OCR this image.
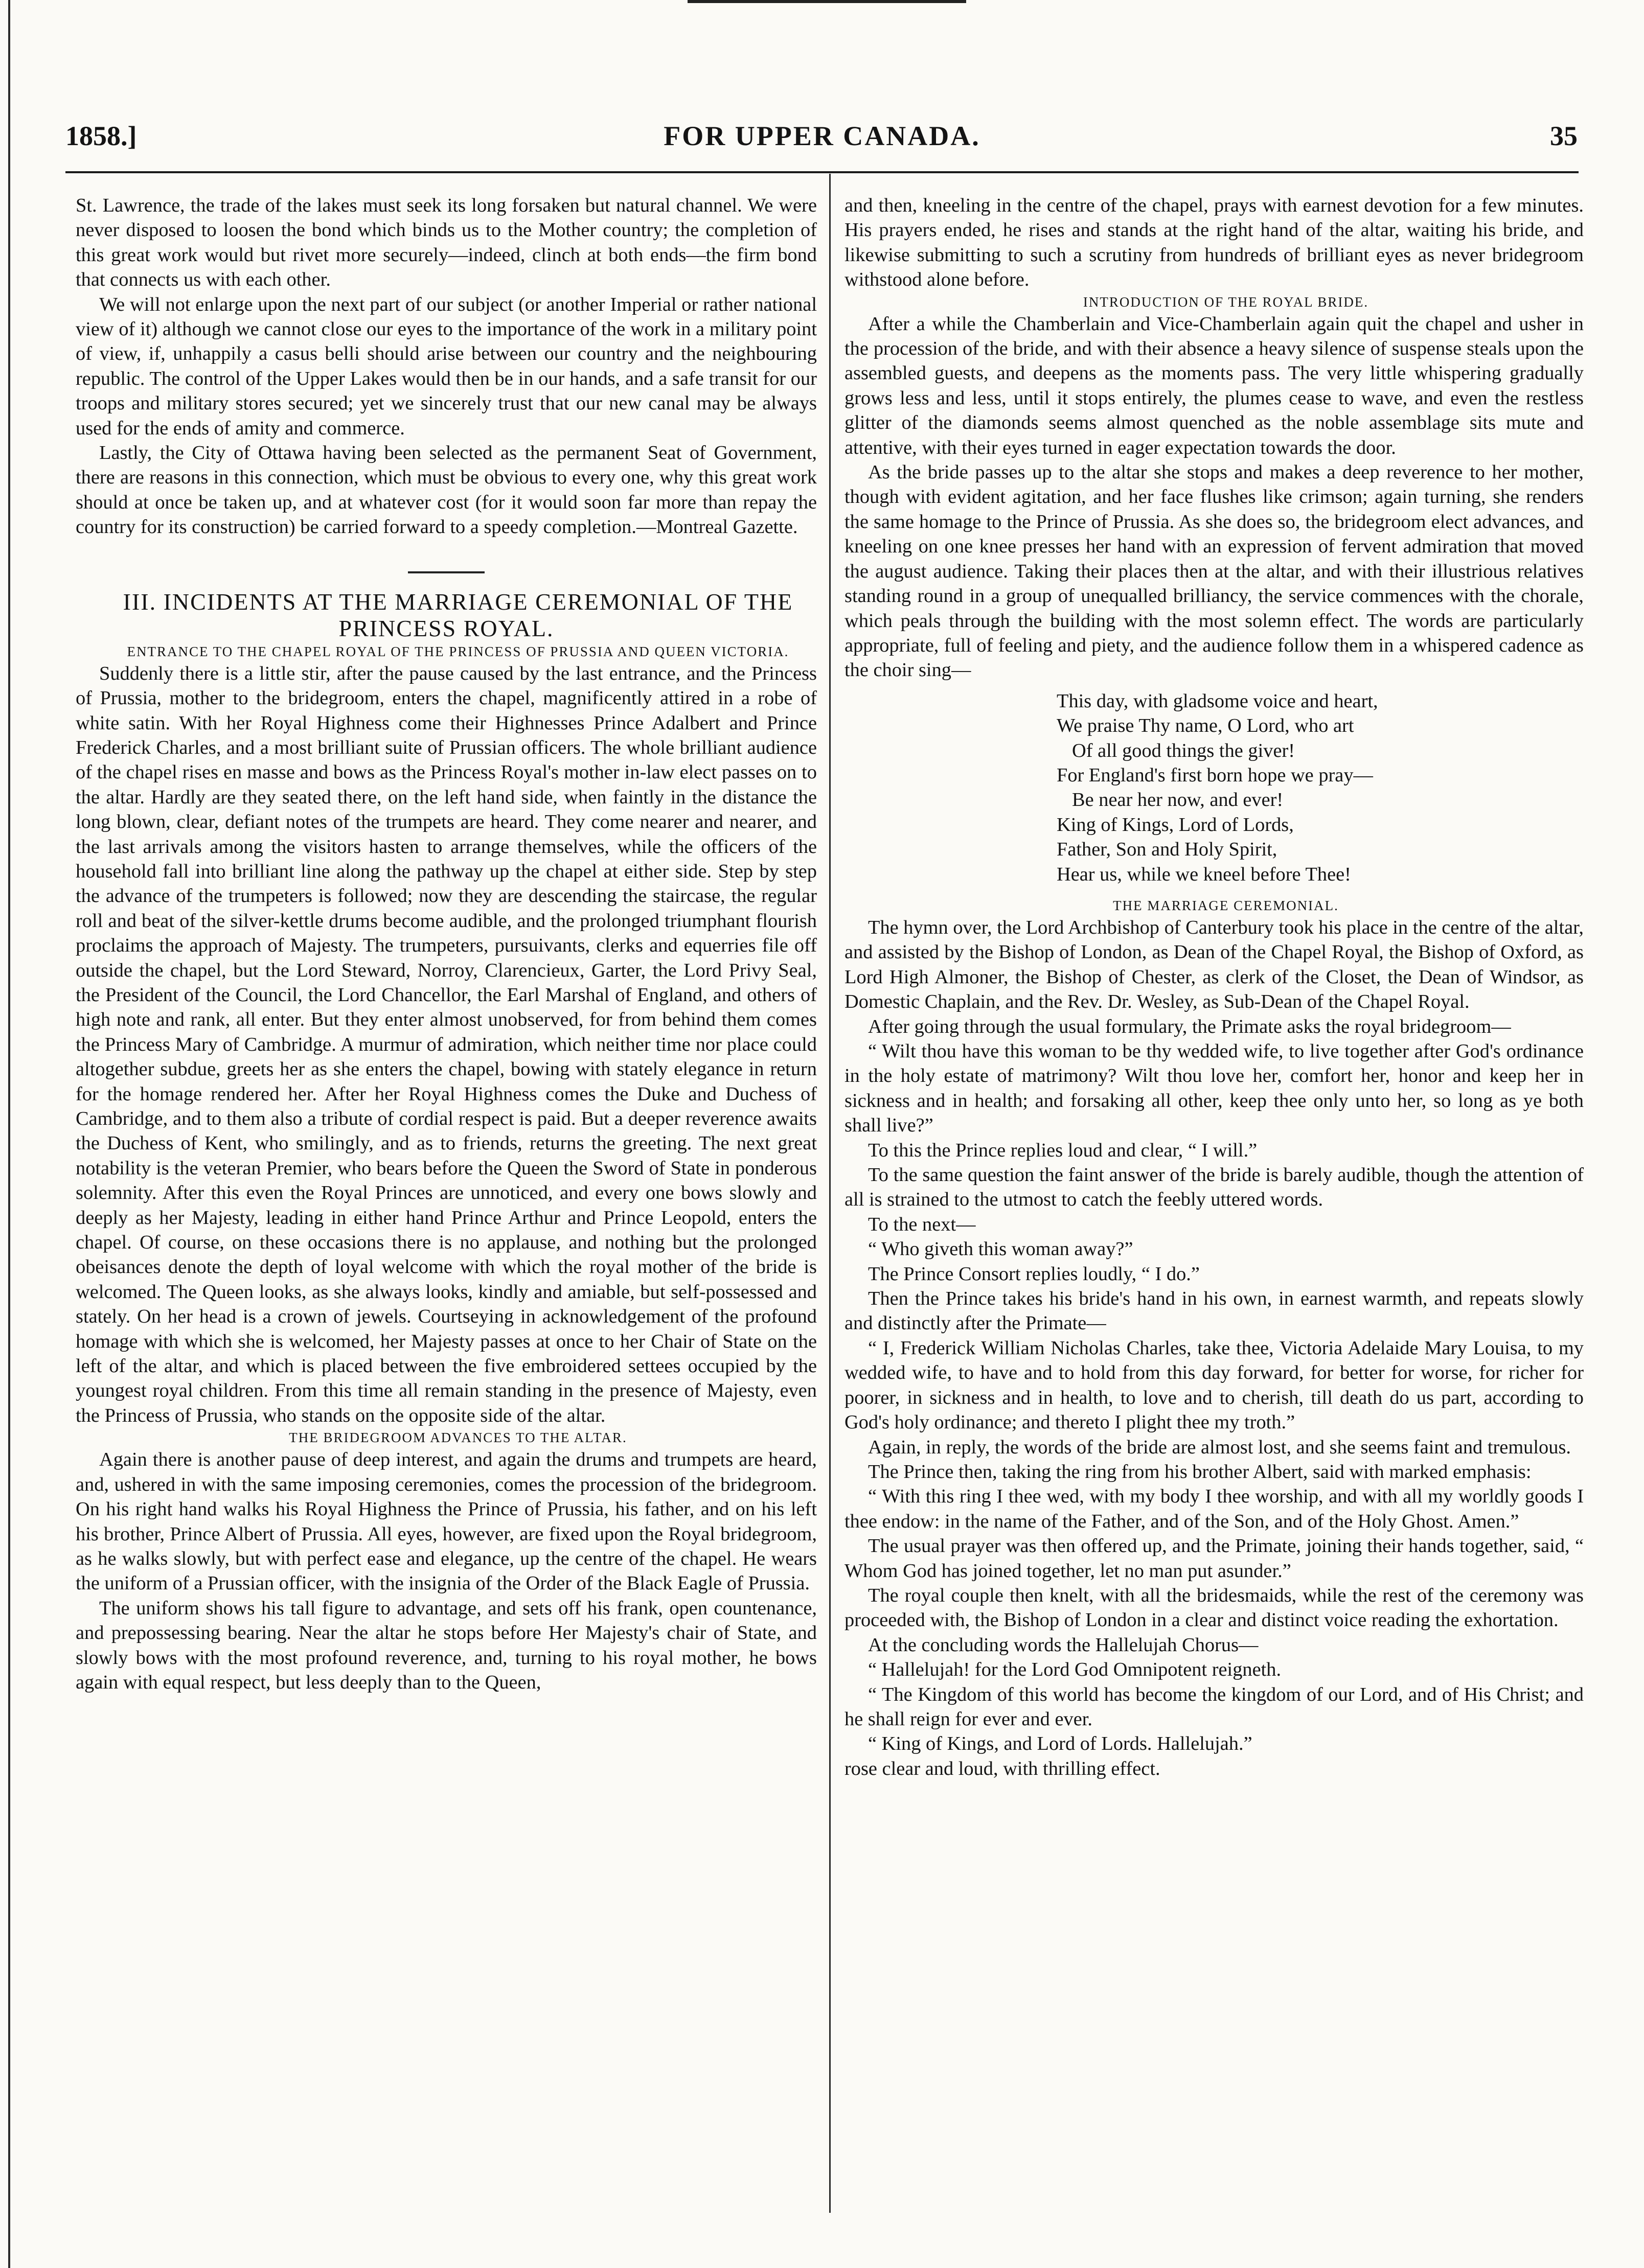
FOR UPPER CANADA.
1858.]	35

St. Lawrence, the trade of the lakes must seek its long forsaken but natural channel. We were never disposed to loosen the bond which binds us to the Mother country; the completion of this great work would but rivet more securely—indeed, clinch at both ends—the firm bond that connects us with each other.

We will not enlarge upon the next part of our subject (or another Imperial or rather national view of it) although we cannot close our eyes to the importance of the work in a military point of view, if, unhappily a casus belli should arise between our country and the neighbouring republic. The control of the Upper Lakes would then be in our hands, and a safe transit for our troops and military stores secured; yet we sincerely trust that our new canal may be always used for the ends of amity and commerce.

Lastly, the City of Ottawa having been selected as the permanent Seat of Government, there are reasons in this connection, which must be obvious to every one, why this great work should at once be taken up, and at whatever cost (for it would soon far more than repay the country for its construction) be carried forward to a speedy completion.—Montreal Gazette.

III. INCIDENTS AT THE MARRIAGE CEREMONIAL OF THE PRINCESS ROYAL.

ENTRANCE TO THE CHAPEL ROYAL OF THE PRINCESS OF PRUSSIA AND QUEEN VICTORIA.

Suddenly there is a little stir, after the pause caused by the last entrance, and the Princess of Prussia, mother to the bridegroom, enters the chapel, magnificently attired in a robe of white satin. With her Royal Highness come their Highnesses Prince Adalbert and Prince Frederick Charles, and a most brilliant suite of Prussian officers. The whole brilliant audience of the chapel rises en masse and bows as the Princess Royal's mother in-law elect passes on to the altar. Hardly are they seated there, on the left hand side, when faintly in the distance the long blown, clear, defiant notes of the trumpets are heard. They come nearer and nearer, and the last arrivals among the visitors hasten to arrange themselves, while the officers of the household fall into brilliant line along the pathway up the chapel at either side. Step by step the advance of the trumpeters is followed; now they are descending the staircase, the regular roll and beat of the silver-kettle drums become audible, and the prolonged triumphant flourish proclaims the approach of Majesty. The trumpeters, pursuivants, clerks and equerries file off outside the chapel, but the Lord Steward, Norroy, Clarencieux, Garter, the Lord Privy Seal, the President of the Council, the Lord Chancellor, the Earl Marshal of England, and others of high note and rank, all enter. But they enter almost unobserved, for from behind them comes the Princess Mary of Cambridge. A murmur of admiration, which neither time nor place could altogether subdue, greets her as she enters the chapel, bowing with stately elegance in return for the homage rendered her. After her Royal Highness comes the Duke and Duchess of Cambridge, and to them also a tribute of cordial respect is paid. But a deeper reverence awaits the Duchess of Kent, who smilingly, and as to friends, returns the greeting. The next great notability is the veteran Premier, who bears before the Queen the Sword of State in ponderous solemnity. After this even the Royal Princes are unnoticed, and every one bows slowly and deeply as her Majesty, leading in either hand Prince Arthur and Prince Leopold, enters the chapel. Of course, on these occasions there is no applause, and nothing but the prolonged obeisances denote the depth of loyal welcome with which the royal mother of the bride is welcomed. The Queen looks, as she always looks, kindly and amiable, but self-possessed and stately. On her head is a crown of jewels. Courtseying in acknowledgement of the profound homage with which she is welcomed, her Majesty passes at once to her Chair of State on the left of the altar, and which is placed between the five embroidered settees occupied by the youngest royal children. From this time all remain standing in the presence of Majesty, even the Princess of Prussia, who stands on the opposite side of the altar.

THE BRIDEGROOM ADVANCES TO THE ALTAR.

Again there is another pause of deep interest, and again the drums and trumpets are heard, and, ushered in with the same imposing ceremonies, comes the procession of the bridegroom. On his right hand walks his Royal Highness the Prince of Prussia, his father, and on his left his brother, Prince Albert of Prussia. All eyes, however, are fixed upon the Royal bridegroom, as he walks slowly, but with perfect ease and elegance, up the centre of the chapel. He wears the uniform of a Prussian officer, with the insignia of the Order of the Black Eagle of Prussia.

The uniform shows his tall figure to advantage, and sets off his frank, open countenance, and prepossessing bearing. Near the altar he stops before Her Majesty's chair of State, and slowly bows with the most profound reverence, and, turning to his royal mother, he bows again with equal respect, but less deeply than to the Queen,

and then, kneeling in the centre of the chapel, prays with earnest devotion for a few minutes. His prayers ended, he rises and stands at the right hand of the altar, waiting his bride, and likewise submitting to such a scrutiny from hundreds of brilliant eyes as never bridegroom withstood alone before.

INTRODUCTION OF THE ROYAL BRIDE.

After a while the Chamberlain and Vice-Chamberlain again quit the chapel and usher in the procession of the bride, and with their absence a heavy silence of suspense steals upon the assembled guests, and deepens as the moments pass. The very little whispering gradually grows less and less, until it stops entirely, the plumes cease to wave, and even the restless glitter of the diamonds seems almost quenched as the noble assemblage sits mute and attentive, with their eyes turned in eager expectation towards the door.

As the bride passes up to the altar she stops and makes a deep reverence to her mother, though with evident agitation, and her face flushes like crimson; again turning, she renders the same homage to the Prince of Prussia. As she does so, the bridegroom elect advances, and kneeling on one knee presses her hand with an expression of fervent admiration that moved the august audience. Taking their places then at the altar, and with their illustrious relatives standing round in a group of unequalled brilliancy, the service commences with the chorale, which peals through the building with the most solemn effect. The words are particularly appropriate, full of feeling and piety, and the audience follow them in a whispered cadence as the choir sing—

This day, with gladsome voice and heart,
We praise Thy name, O Lord, who art
Of all good things the giver!
For England's first born hope we pray—
Be near her now, and ever!
King of Kings, Lord of Lords,
Father, Son and Holy Spirit,
Hear us, while we kneel before Thee!

THE MARRIAGE CEREMONIAL.

The hymn over, the Lord Archbishop of Canterbury took his place in the centre of the altar, and assisted by the Bishop of London, as Dean of the Chapel Royal, the Bishop of Oxford, as Lord High Almoner, the Bishop of Chester, as clerk of the Closet, the Dean of Windsor, as Domestic Chaplain, and the Rev. Dr. Wesley, as Sub-Dean of the Chapel Royal.

After going through the usual formulary, the Primate asks the royal bridegroom—

“ Wilt thou have this woman to be thy wedded wife, to live together after God's ordinance in the holy estate of matrimony? Wilt thou love her, comfort her, honor and keep her in sickness and in health; and forsaking all other, keep thee only unto her, so long as ye both shall live?”

To this the Prince replies loud and clear, “ I will.”

To the same question the faint answer of the bride is barely audible, though the attention of all is strained to the utmost to catch the feebly uttered words.

To the next—

“ Who giveth this woman away?”

The Prince Consort replies loudly, “ I do.”

Then the Prince takes his bride's hand in his own, in earnest warmth, and repeats slowly and distinctly after the Primate—

“ I, Frederick William Nicholas Charles, take thee, Victoria Adelaide Mary Louisa, to my wedded wife, to have and to hold from this day forward, for better for worse, for richer for poorer, in sickness and in health, to love and to cherish, till death do us part, according to God's holy ordinance; and thereto I plight thee my troth.”

Again, in reply, the words of the bride are almost lost, and she seems faint and tremulous.

The Prince then, taking the ring from his brother Albert, said with marked emphasis:

“ With this ring I thee wed, with my body I thee worship, and with all my worldly goods I thee endow: in the name of the Father, and of the Son, and of the Holy Ghost. Amen.”

The usual prayer was then offered up, and the Primate, joining their hands together, said, “ Whom God has joined together, let no man put asunder.”

The royal couple then knelt, with all the bridesmaids, while the rest of the ceremony was proceeded with, the Bishop of London in a clear and distinct voice reading the exhortation.

At the concluding words the Hallelujah Chorus—

“ Hallelujah! for the Lord God Omnipotent reigneth.

“ The Kingdom of this world has become the kingdom of our Lord, and of His Christ; and he shall reign for ever and ever.

“ King of Kings, and Lord of Lords. Hallelujah.”

rose clear and loud, with thrilling effect.
